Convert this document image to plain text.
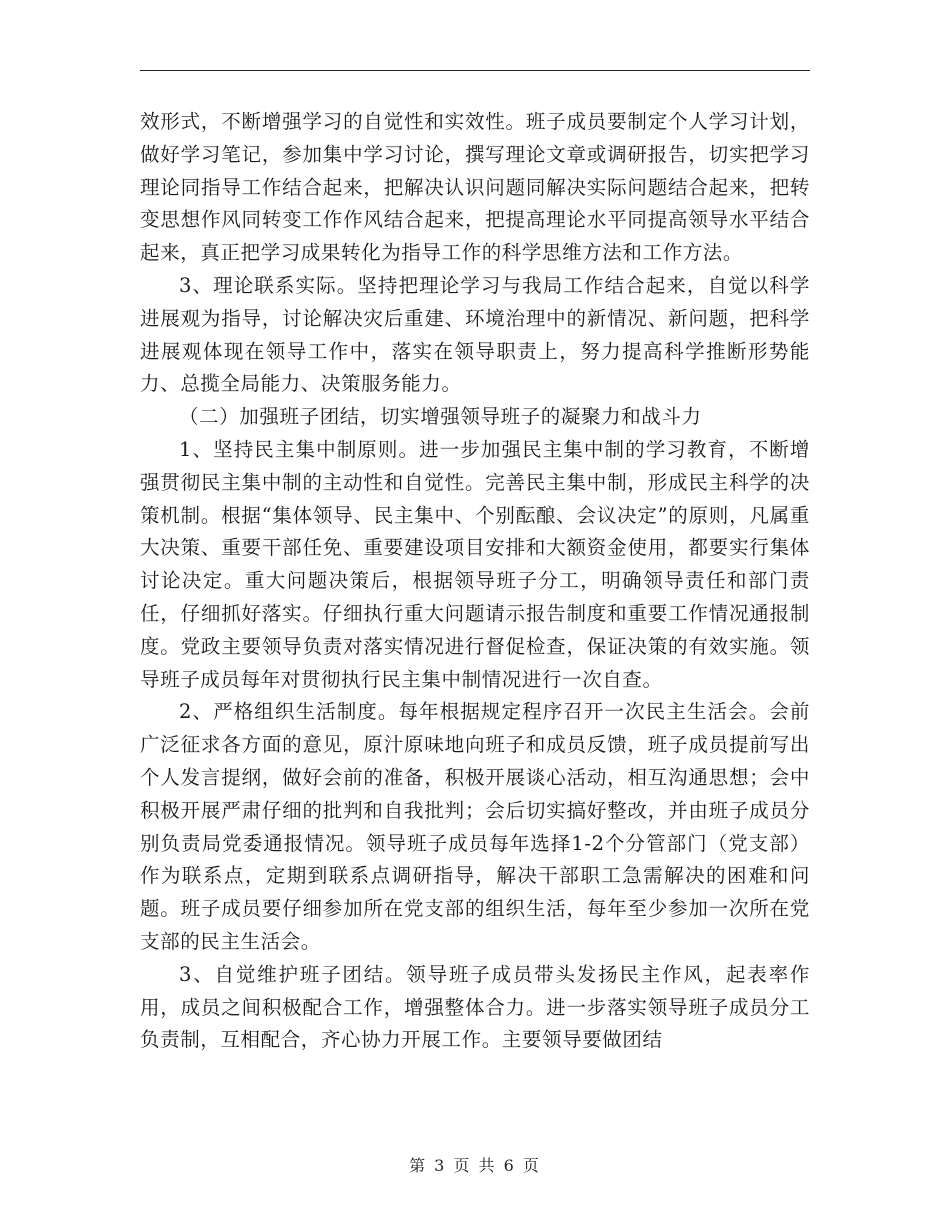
效形式，不断增强学习的自觉性和实效性。班子成员要制定个人学习计划，做好学习笔记，参加集中学习讨论，撰写理论文章或调研报告，切实把学习理论同指导工作结合起来，把解决认识问题同解决实际问题结合起来，把转变思想作风同转变工作作风结合起来，把提高理论水平同提高领导水平结合起来，真正把学习成果转化为指导工作的科学思维方法和工作方法。

3、理论联系实际。坚持把理论学习与我局工作结合起来，自觉以科学进展观为指导，讨论解决灾后重建、环境治理中的新情况、新问题，把科学进展观体现在领导工作中，落实在领导职责上，努力提高科学推断形势能力、总揽全局能力、决策服务能力。

（二）加强班子团结，切实增强领导班子的凝聚力和战斗力

1、坚持民主集中制原则。进一步加强民主集中制的学习教育，不断增强贯彻民主集中制的主动性和自觉性。完善民主集中制，形成民主科学的决策机制。根据“集体领导、民主集中、个别酝酿、会议决定”的原则，凡属重大决策、重要干部任免、重要建设项目安排和大额资金使用，都要实行集体讨论决定。重大问题决策后，根据领导班子分工，明确领导责任和部门责任，仔细抓好落实。仔细执行重大问题请示报告制度和重要工作情况通报制度。党政主要领导负责对落实情况进行督促检查，保证决策的有效实施。领导班子成员每年对贯彻执行民主集中制情况进行一次自查。

2、严格组织生活制度。每年根据规定程序召开一次民主生活会。会前广泛征求各方面的意见，原汁原味地向班子和成员反馈，班子成员提前写出个人发言提纲，做好会前的准备，积极开展谈心活动，相互沟通思想；会中积极开展严肃仔细的批判和自我批判；会后切实搞好整改，并由班子成员分别负责局党委通报情况。领导班子成员每年选择1-2个分管部门（党支部）作为联系点，定期到联系点调研指导，解决干部职工急需解决的困难和问题。班子成员要仔细参加所在党支部的组织生活，每年至少参加一次所在党支部的民主生活会。

3、自觉维护班子团结。领导班子成员带头发扬民主作风，起表率作用，成员之间积极配合工作，增强整体合力。进一步落实领导班子成员分工负责制，互相配合，齐心协力开展工作。主要领导要做团结

第 3 页 共 6 页
